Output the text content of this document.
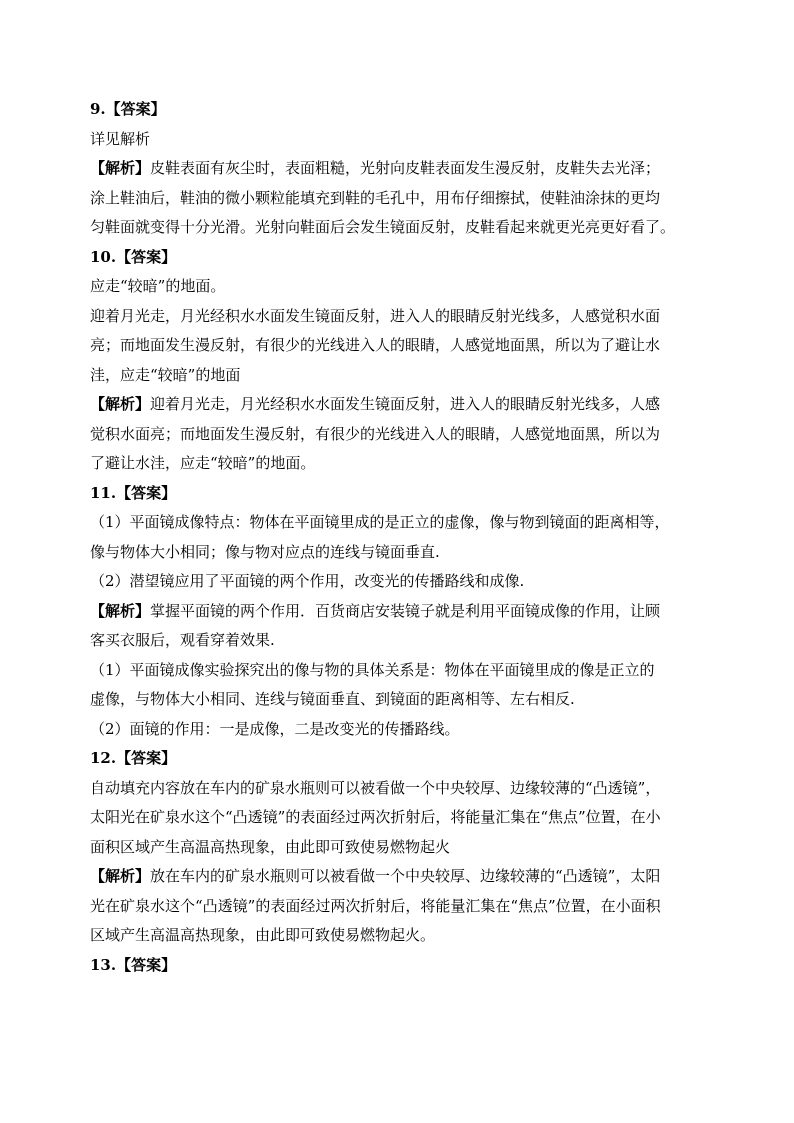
9.【答案】
详见解析
【解析】皮鞋表面有灰尘时，表面粗糙，光射向皮鞋表面发生漫反射，皮鞋失去光泽；
涂上鞋油后，鞋油的微小颗粒能填充到鞋的毛孔中，用布仔细擦拭，使鞋油涂抹的更均
匀鞋面就变得十分光滑。光射向鞋面后会发生镜面反射，皮鞋看起来就更光亮更好看了。
10.【答案】
应走“较暗”的地面。
迎着月光走，月光经积水水面发生镜面反射，进入人的眼睛反射光线多，人感觉积水面
亮；而地面发生漫反射，有很少的光线进入人的眼睛，人感觉地面黑，所以为了避让水
洼，应走“较暗”的地面
【解析】迎着月光走，月光经积水水面发生镜面反射，进入人的眼睛反射光线多，人感
觉积水面亮；而地面发生漫反射，有很少的光线进入人的眼睛，人感觉地面黑，所以为
了避让水洼，应走“较暗”的地面。
11.【答案】
（1）平面镜成像特点：物体在平面镜里成的是正立的虚像，像与物到镜面的距离相等，
像与物体大小相同；像与物对应点的连线与镜面垂直.
（2）潜望镜应用了平面镜的两个作用，改变光的传播路线和成像.
【解析】掌握平面镜的两个作用．百货商店安装镜子就是利用平面镜成像的作用，让顾
客买衣服后，观看穿着效果.
（1）平面镜成像实验探究出的像与物的具体关系是：物体在平面镜里成的像是正立的
虚像，与物体大小相同、连线与镜面垂直、到镜面的距离相等、左右相反.
（2）面镜的作用：一是成像，二是改变光的传播路线。
12.【答案】
自动填充内容放在车内的矿泉水瓶则可以被看做一个中央较厚、边缘较薄的“凸透镜”，
太阳光在矿泉水这个“凸透镜”的表面经过两次折射后，将能量汇集在“焦点”位置，在小
面积区域产生高温高热现象，由此即可致使易燃物起火
【解析】放在车内的矿泉水瓶则可以被看做一个中央较厚、边缘较薄的“凸透镜”，太阳
光在矿泉水这个“凸透镜”的表面经过两次折射后，将能量汇集在“焦点”位置，在小面积
区域产生高温高热现象，由此即可致使易燃物起火。
13.【答案】
